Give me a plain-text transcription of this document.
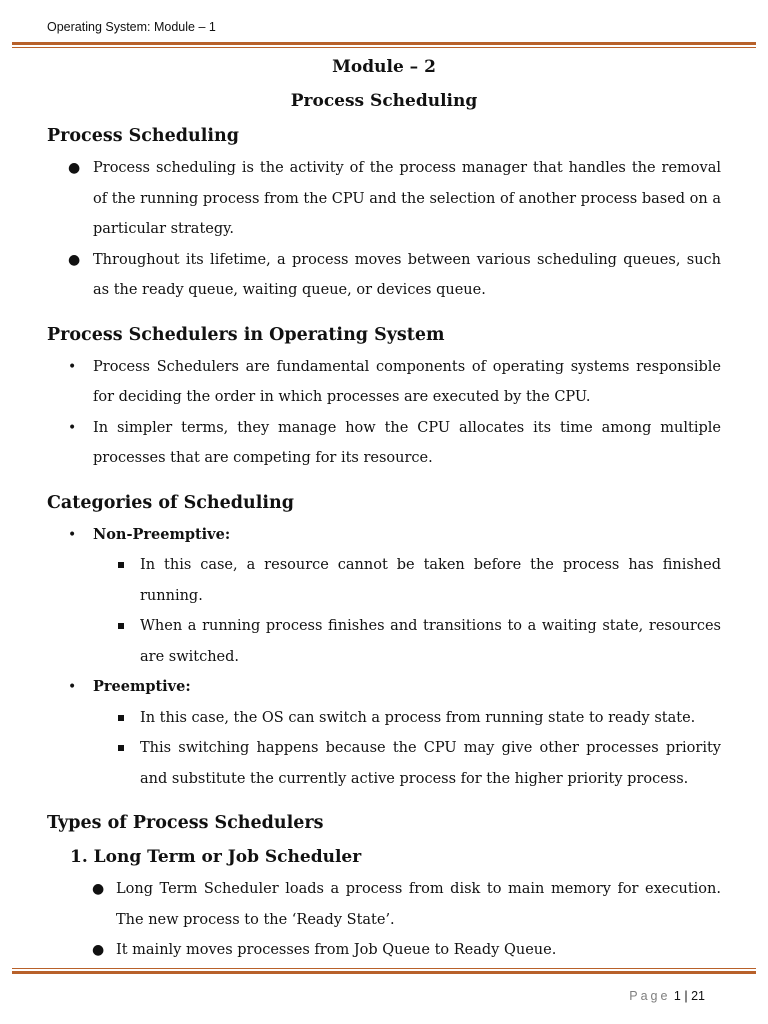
Operating System: Module – 1
Module – 2
Process Scheduling
Process Scheduling
● Process scheduling is the activity of the process manager that handles the removal of the running process from the CPU and the selection of another process based on a particular strategy.
● Throughout its lifetime, a process moves between various scheduling queues, such as the ready queue, waiting queue, or devices queue.
Process Schedulers in Operating System
•	Process Schedulers are fundamental components of operating systems responsible for deciding the order in which processes are executed by the CPU.
•	In simpler terms, they manage how the CPU allocates its time among multiple processes that are competing for its resource.
Categories of Scheduling
•	Non-Preemptive:
In this case, a resource cannot be taken before the process has finished running.
When a running process finishes and transitions to a waiting state, resources are switched.
•	Preemptive:
In this case, the OS can switch a process from running state to ready state.
This switching happens because the CPU may give other processes priority and substitute the currently active process for the higher priority process.
Types of Process Schedulers
1. Long Term or Job Scheduler
● Long Term Scheduler loads a process from disk to main memory for execution. The new process to the ‘Ready State’.
● It mainly moves processes from Job Queue to Ready Queue.
Page 1 | 21
